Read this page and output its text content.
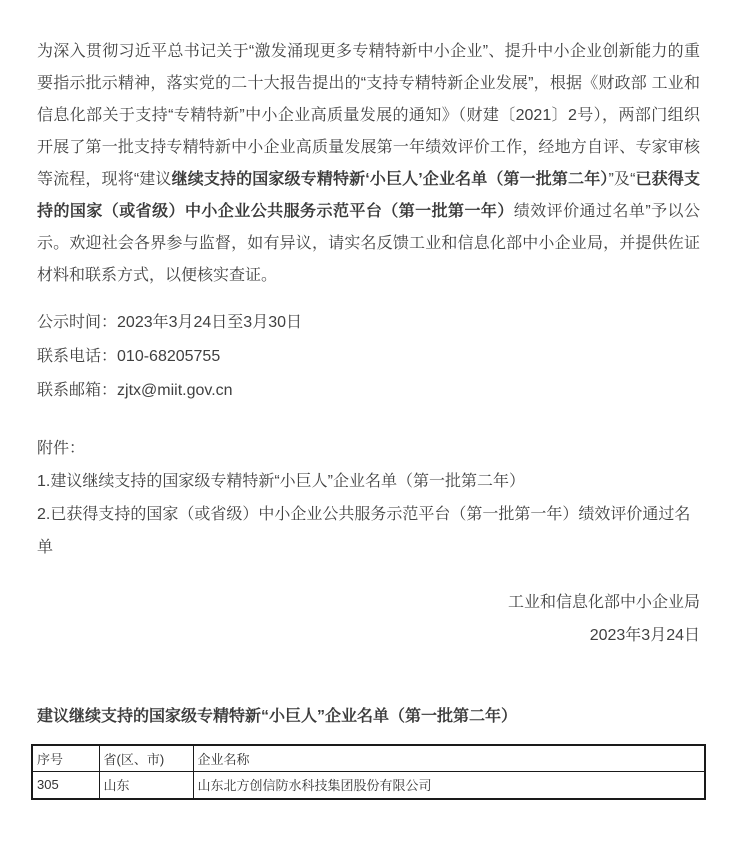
为深入贯彻习近平总书记关于“激发涌现更多专精特新中小企业”、提升中小企业创新能力的重要指示批示精神，落实党的二十大报告提出的“支持专精特新企业发展”，根据《财政部 工业和信息化部关于支持“专精特新”中小企业高质量发展的通知》（财建〔2021〕2号），两部门组织开展了第一批支持专精特新中小企业高质量发展第一年绩效评价工作，经地方自评、专家审核等流程，现将“建议继续支持的国家级专精特新‘小巨人’企业名单（第一批第二年）”及“已获得支持的国家（或省级）中小企业公共服务示范平台（第一批第一年）绩效评价通过名单”予以公示。欢迎社会各界参与监督，如有异议，请实名反馈工业和信息化部中小企业局，并提供佐证材料和联系方式，以便核实查证。

公示时间：2023年3月24日至3月30日

联系电话：010-68205755

联系邮箱：zjtx@miit.gov.cn

附件：

1.建议继续支持的国家级专精特新“小巨人”企业名单（第一批第二年）

2.已获得支持的国家（或省级）中小企业公共服务示范平台（第一批第一年）绩效评价通过名单

工业和信息化部中小企业局

2023年3月24日

建议继续支持的国家级专精特新“小巨人”企业名单（第一批第二年）

序号	省(区、市)	企业名称
305	山东	山东北方创信防水科技集团股份有限公司
